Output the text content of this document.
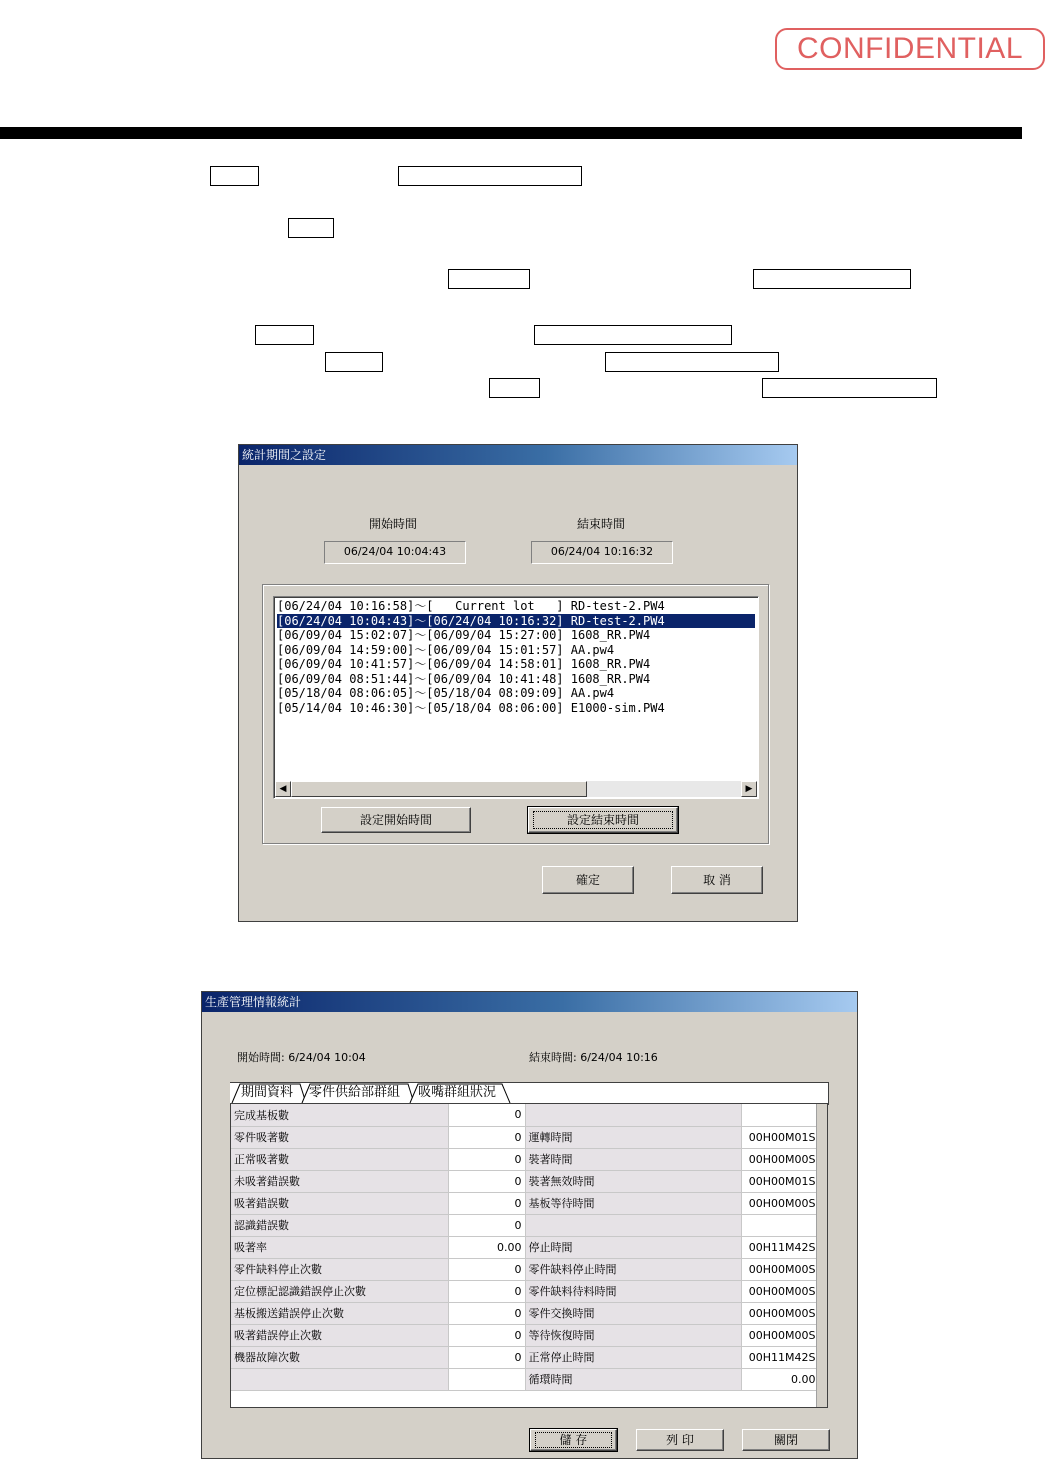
CONFIDENTIAL
統計期間之設定
開始時間	結束時間
06/24/04 10:04:43	06/24/04 10:16:32
[06/24/04 10:16:58]～[   Current lot   ] RD-test-2.PW4
[06/24/04 10:04:43]～[06/24/04 10:16:32] RD-test-2.PW4
[06/09/04 15:02:07]～[06/09/04 15:27:00] 1608_RR.PW4
[06/09/04 14:59:00]～[06/09/04 15:01:57] AA.pw4
[06/09/04 10:41:57]～[06/09/04 14:58:01] 1608_RR.PW4
[06/09/04 08:51:44]～[06/09/04 10:41:48] 1608_RR.PW4
[05/18/04 08:06:05]～[05/18/04 08:09:09] AA.pw4
[05/14/04 10:46:30]～[05/18/04 08:06:00] E1000-sim.PW4
◀	▶
設定開始時間	設定結束時間
確定	取 消
生產管理情報統計
開始時間: 6/24/04 10:04	結束時間: 6/24/04 10:16
期間資料 零件供給部群組 吸嘴群組狀況
完成基板數	0		
零件吸著數	0	運轉時間	00H00M01S
正常吸著數	0	裝著時間	00H00M00S
未吸著錯誤數	0	裝著無效時間	00H00M01S
吸著錯誤數	0	基板等待時間	00H00M00S
認識錯誤數	0		
吸著率	0.00	停止時間	00H11M42S
零件缺料停止次數	0	零件缺料停止時間	00H00M00S
定位標記認識錯誤停止次數	0	零件缺料待料時間	00H00M00S
基板搬送錯誤停止次數	0	零件交換時間	00H00M00S
吸著錯誤停止次數	0	等待恢復時間	00H00M00S
機器故障次數	0	正常停止時間	00H11M42S
		循環時間	0.00
儲 存	列 印	關閉
